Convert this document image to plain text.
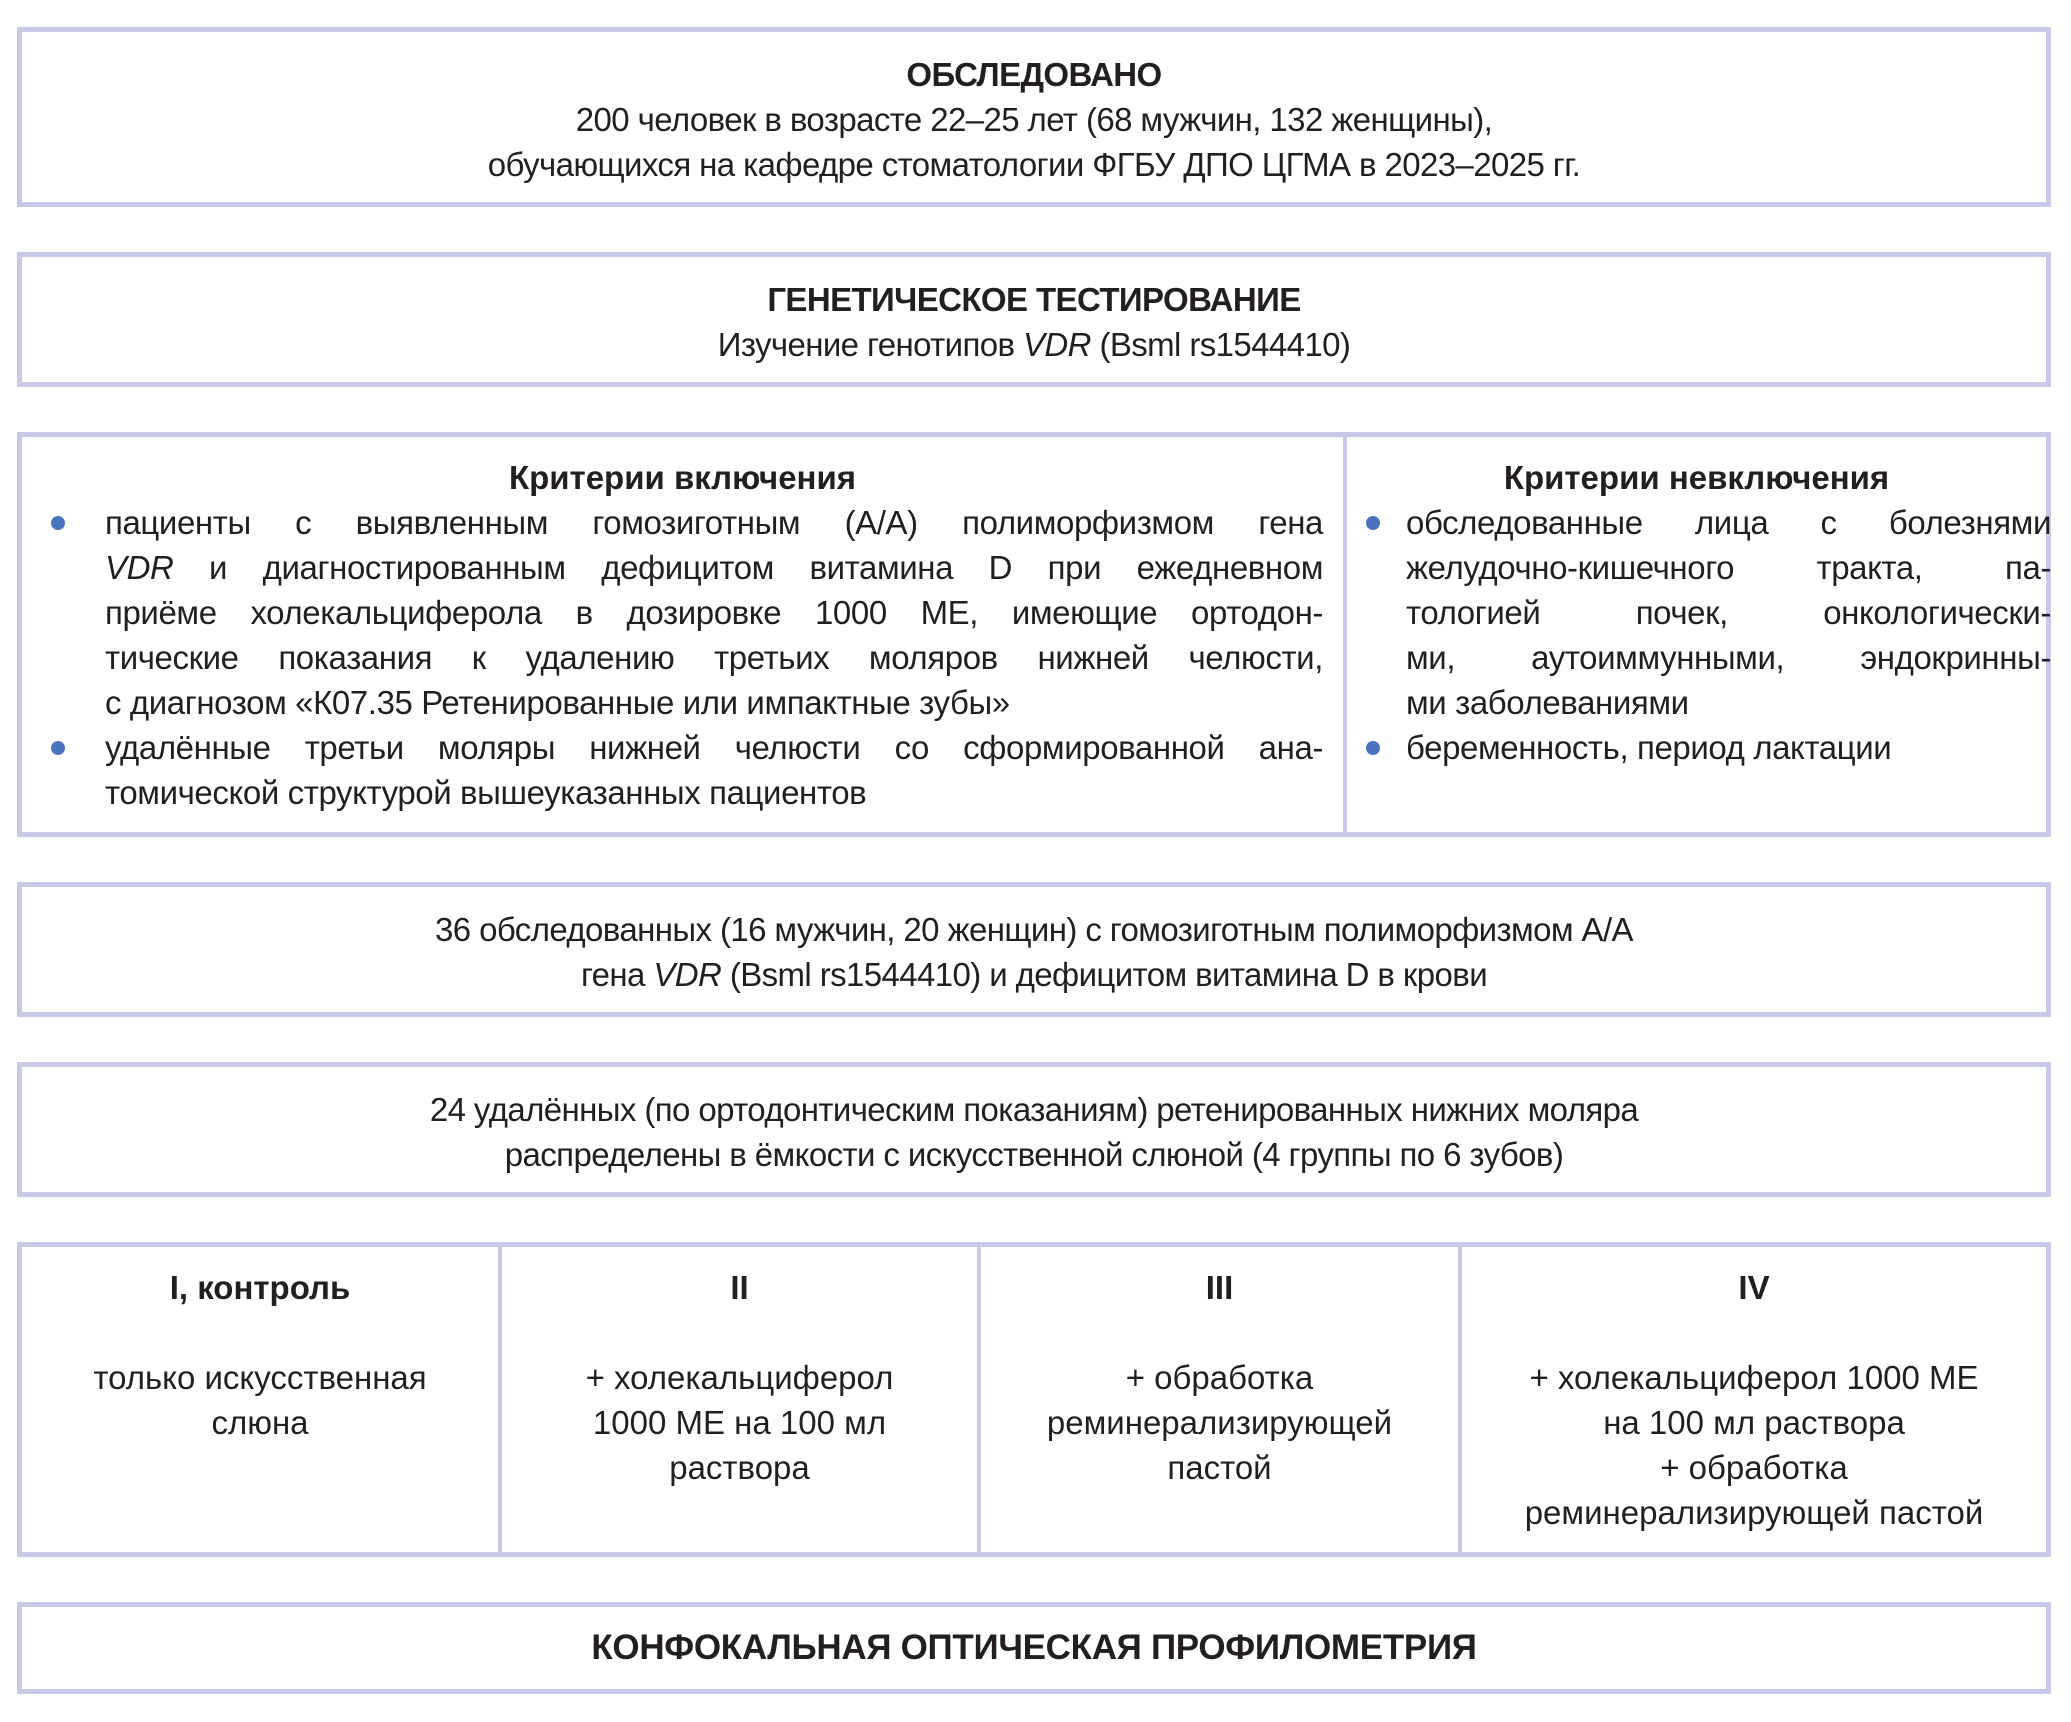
ОБСЛЕДОВАНО
200 человек в возрасте 22–25 лет (68 мужчин, 132 женщины),
обучающихся на кафедре стоматологии ФГБУ ДПО ЦГМА в 2023–2025 гг.
ГЕНЕТИЧЕСКОЕ ТЕСТИРОВАНИЕ
Изучение генотипов VDR (Bsml rs1544410)
Критерии включения
пациенты с выявленным гомозиготным (А/А) полиморфизмом гена
VDR и диагностированным дефицитом витамина D при ежедневном
приёме холекальциферола в дозировке 1000 МЕ, имеющие ортодон-
тические показания к удалению третьих моляров нижней челюсти,
с диагнозом «К07.35 Ретенированные или импактные зубы»
удалённые третьи моляры нижней челюсти со сформированной ана-
томической структурой вышеуказанных пациентов
Критерии невключения
обследованные лица с болезнями
желудочно-кишечного тракта, па-
тологией почек, онкологически-
ми, аутоиммунными, эндокринны-
ми заболеваниями
беременность, период лактации
36 обследованных (16 мужчин, 20 женщин) с гомозиготным полиморфизмом А/А
гена VDR (Bsml rs1544410) и дефицитом витамина D в крови
24 удалённых (по ортодонтическим показаниям) ретенированных нижних моляра
распределены в ёмкости с искусственной слюной (4 группы по 6 зубов)
I, контроль
только искусственная
слюна
II
+ холекальциферол
1000 МЕ на 100 мл
раствора
III
+ обработка
реминерализирующей
пастой
IV
+ холекальциферол 1000 МЕ
на 100 мл раствора
+ обработка
реминерализирующей пастой
КОНФОКАЛЬНАЯ ОПТИЧЕСКАЯ ПРОФИЛОМЕТРИЯ
